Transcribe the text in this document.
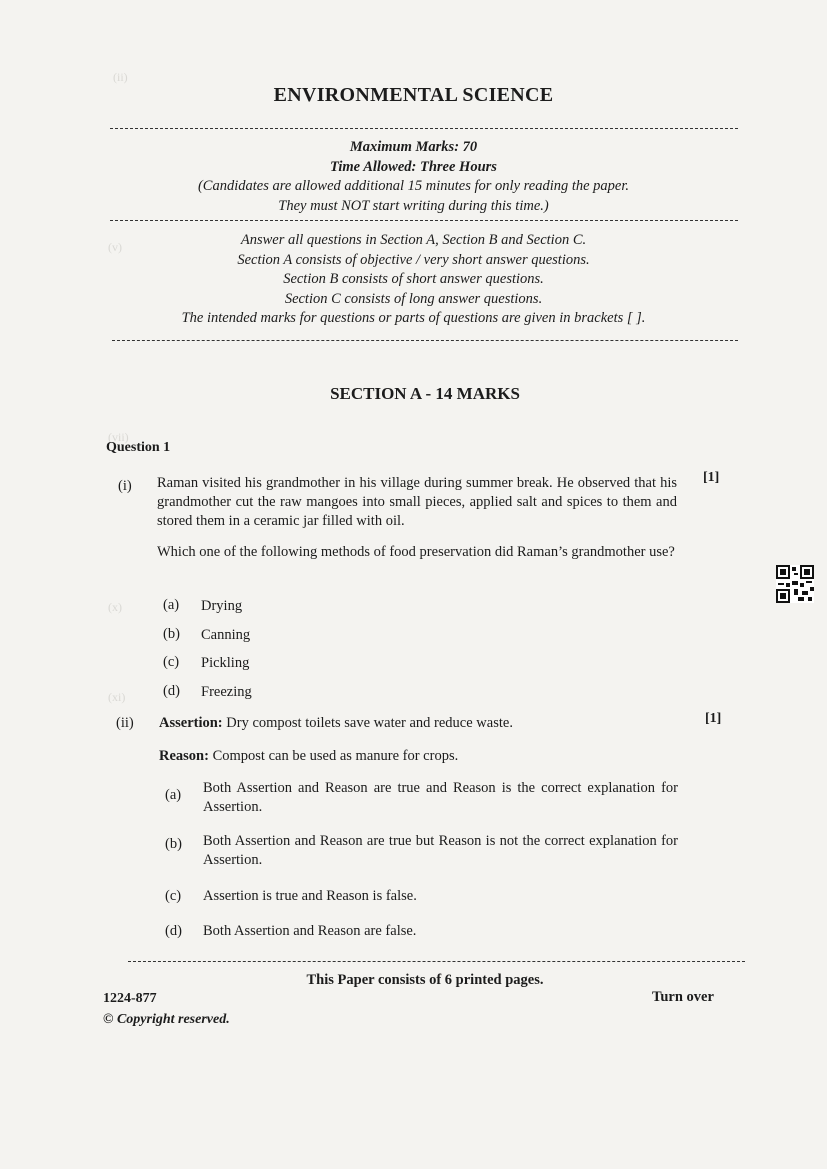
(ii)
(v)
(vii)
(x)
(xi)
ENVIRONMENTAL SCIENCE
Maximum Marks: 70
Time Allowed: Three Hours
(Candidates are allowed additional 15 minutes for only reading the paper.
They must NOT start writing during this time.)
Answer all questions in Section A, Section B and Section C.
Section A consists of objective / very short answer questions.
Section B consists of short answer questions.
Section C consists of long answer questions.
The intended marks for questions or parts of questions are given in brackets [ ].
SECTION A - 14 MARKS
Question 1
(i)
[1]
Raman visited his grandmother in his village during summer break. He observed that his grandmother cut the raw mangoes into small pieces, applied salt and spices to them and stored them in a ceramic jar filled with oil.
Which one of the following methods of food preservation did Raman’s grandmother use?
(a) Drying
(b) Canning
(c) Pickling
(d) Freezing
(ii)	[1]
Assertion: Dry compost toilets save water and reduce waste.
Reason: Compost can be used as manure for crops.
(a) Both Assertion and Reason are true and Reason is the correct explanation for Assertion.
(b) Both Assertion and Reason are true but Reason is not the correct explanation for Assertion.
(c) Assertion is true and Reason is false.
(d) Both Assertion and Reason are false.
This Paper consists of 6 printed pages.
1224-877
© Copyright reserved.
Turn over
